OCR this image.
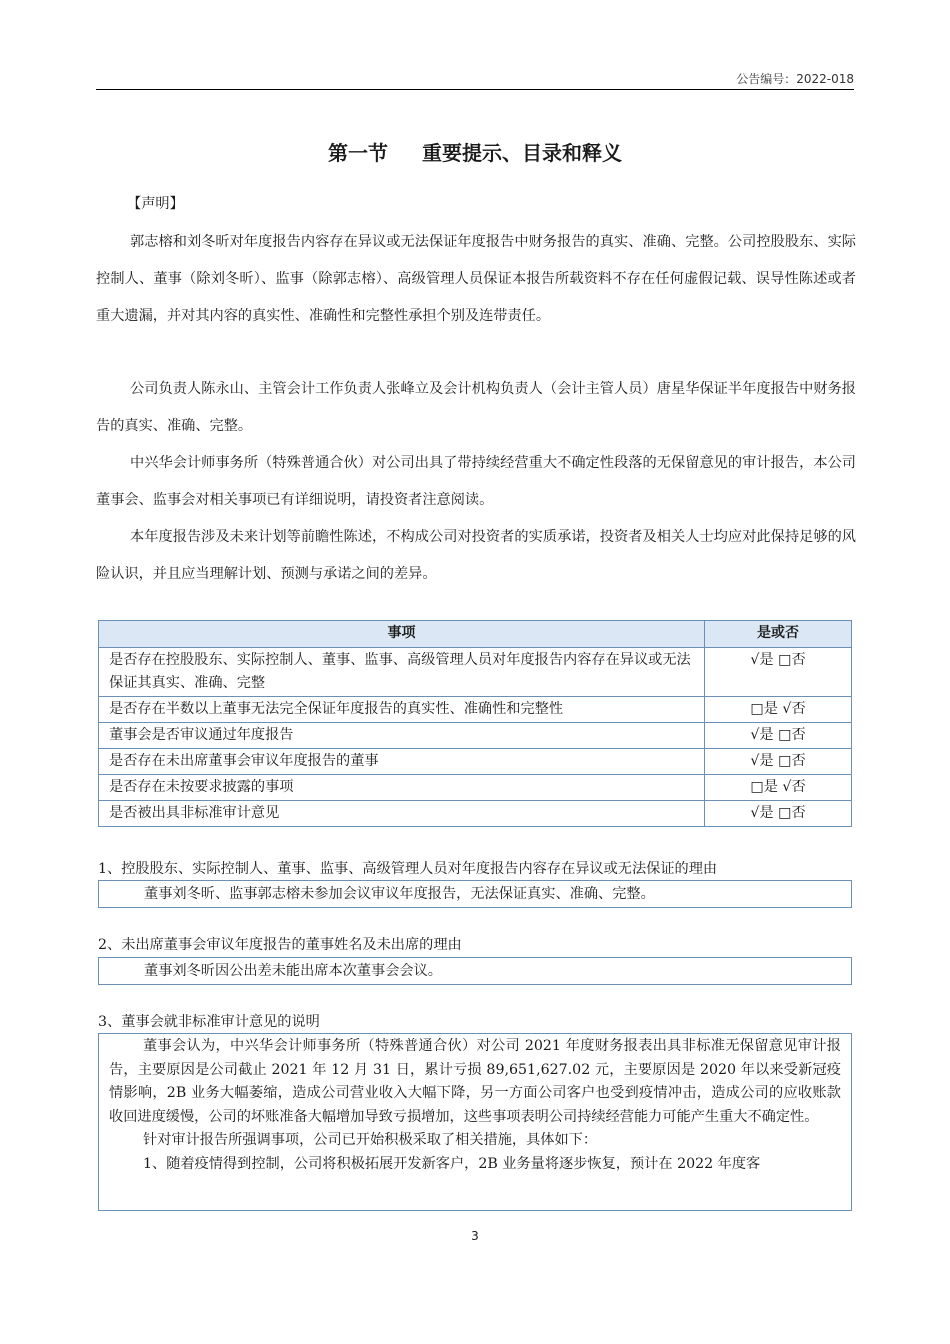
公告编号：2022-018
第一节 重要提示、目录和释义
【声明】

郭志榕和刘冬昕对年度报告内容存在异议或无法保证年度报告中财务报告的真实、准确、完整。公司控股股东、实际控制人、董事（除刘冬昕）、监事（除郭志榕）、高级管理人员保证本报告所载资料不存在任何虚假记载、误导性陈述或者重大遗漏，并对其内容的真实性、准确性和完整性承担个别及连带责任。

公司负责人陈永山、主管会计工作负责人张峰立及会计机构负责人（会计主管人员）唐星华保证半年度报告中财务报告的真实、准确、完整。

中兴华会计师事务所（特殊普通合伙）对公司出具了带持续经营重大不确定性段落的无保留意见的审计报告，本公司董事会、监事会对相关事项已有详细说明，请投资者注意阅读。

本年度报告涉及未来计划等前瞻性陈述，不构成公司对投资者的实质承诺，投资者及相关人士均应对此保持足够的风险认识，并且应当理解计划、预测与承诺之间的差异。

事项	是或否
是否存在控股股东、实际控制人、董事、监事、高级管理人员对年度报告内容存在异议或无法保证其真实、准确、完整	√是 □否
是否存在半数以上董事无法完全保证年度报告的真实性、准确性和完整性	□是 √否
董事会是否审议通过年度报告	√是 □否
是否存在未出席董事会审议年度报告的董事	√是 □否
是否存在未按要求披露的事项	□是 √否
是否被出具非标准审计意见	√是 □否
1、控股股东、实际控制人、董事、监事、高级管理人员对年度报告内容存在异议或无法保证的理由
董事刘冬昕、监事郭志榕未参加会议审议年度报告，无法保证真实、准确、完整。
2、未出席董事会审议年度报告的董事姓名及未出席的理由
董事刘冬昕因公出差未能出席本次董事会会议。
3、董事会就非标准审计意见的说明

董事会认为，中兴华会计师事务所（特殊普通合伙）对公司 2021 年度财务报表出具非标准无保留意见审计报告，主要原因是公司截止 2021 年 12 月 31 日，累计亏损 89,651,627.02 元，主要原因是 2020 年以来受新冠疫情影响，2B 业务大幅萎缩，造成公司营业收入大幅下降，另一方面公司客户也受到疫情冲击，造成公司的应收账款收回进度缓慢，公司的坏账准备大幅增加导致亏损增加，这些事项表明公司持续经营能力可能产生重大不确定性。

针对审计报告所强调事项，公司已开始积极采取了相关措施，具体如下：

1、随着疫情得到控制，公司将积极拓展开发新客户，2B 业务量将逐步恢复，预计在 2022 年度客

3
